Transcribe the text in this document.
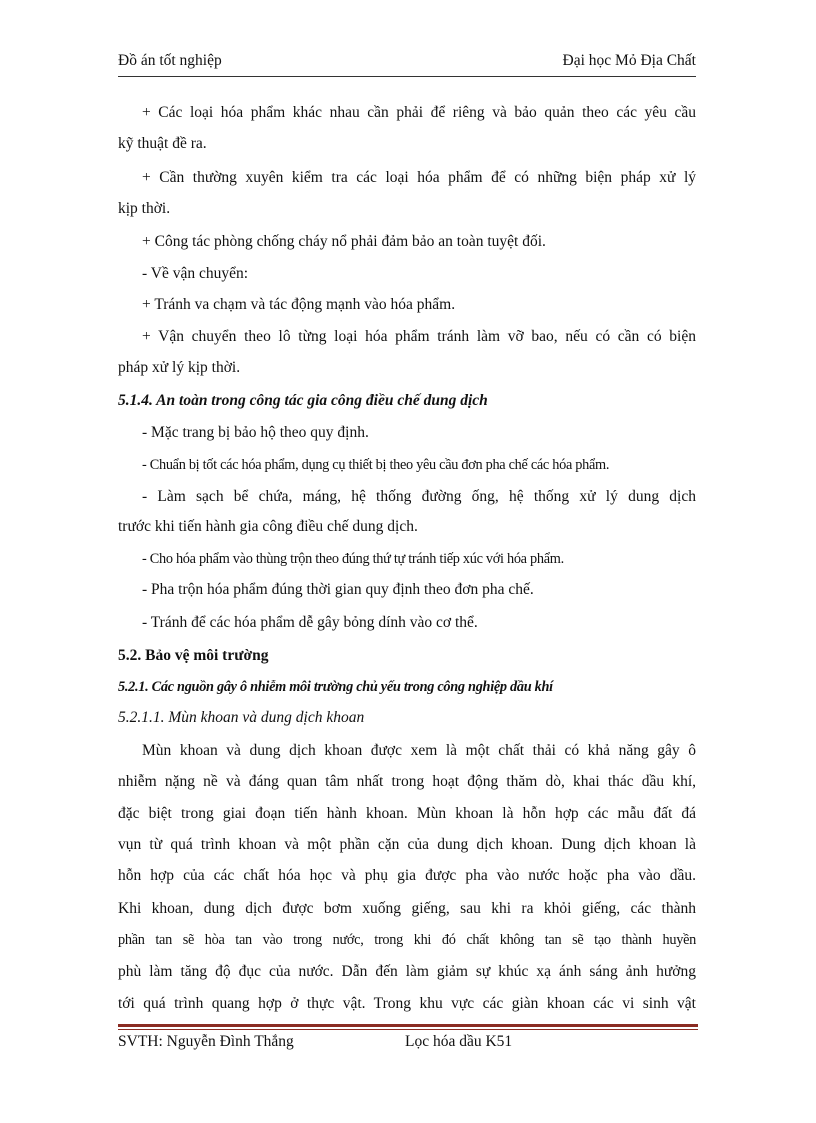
Đồ án tốt nghiệp	Đại học Mỏ Địa Chất
+ Các loại hóa phẩm khác nhau cần phải để riêng và bảo quản theo các yêu cầu
kỹ thuật đề ra.
+ Cần thường xuyên kiểm tra các loại hóa phẩm để có những biện pháp xử lý
kịp thời.
+ Công tác phòng chống cháy nổ phải đảm bảo an toàn tuyệt đối.
- Về vận chuyển:
+ Tránh va chạm và tác động mạnh vào hóa phẩm.
+ Vận chuyển theo lô từng loại hóa phẩm tránh làm vỡ bao, nếu có cần có biện
pháp xử lý kịp thời.
5.1.4. An toàn trong công tác gia công điều chế dung dịch
- Mặc trang bị bảo hộ theo quy định.
- Chuẩn bị tốt các hóa phẩm, dụng cụ thiết bị theo yêu cầu đơn pha chế các hóa phẩm.
- Làm sạch bể chứa, máng, hệ thống đường ống, hệ thống xử lý dung dịch
trước khi tiến hành gia công điều chế dung dịch.
- Cho hóa phẩm vào thùng trộn theo đúng thứ tự tránh tiếp xúc với hóa phẩm.
- Pha trộn hóa phẩm đúng thời gian quy định theo đơn pha chế.
- Tránh để các hóa phẩm dễ gây bỏng dính vào cơ thể.
5.2. Bảo vệ môi trường
5.2.1. Các nguồn gây ô nhiễm môi trường chủ yếu trong công nghiệp dầu khí
5.2.1.1. Mùn khoan và dung dịch khoan
Mùn khoan và dung dịch khoan được xem là một chất thải có khả năng gây ô
nhiễm nặng nề và đáng quan tâm nhất trong hoạt động thăm dò, khai thác dầu khí,
đặc biệt trong giai đoạn tiến hành khoan. Mùn khoan là hỗn hợp các mẫu đất đá
vụn từ quá trình khoan và một phần cặn của dung dịch khoan. Dung dịch khoan là
hỗn hợp của các chất hóa học và phụ gia được pha vào nước hoặc pha vào dầu.
Khi khoan, dung dịch được bơm xuống giếng, sau khi ra khỏi giếng, các thành
phần tan sẽ hòa tan vào trong nước, trong khi đó chất không tan sẽ tạo thành huyền
phù làm tăng độ đục của nước. Dẫn đến làm giảm sự khúc xạ ánh sáng ảnh hưởng
tới quá trình quang hợp ở thực vật. Trong khu vực các giàn khoan các vi sinh vật
SVTH: Nguyễn Đình Thắng	Lọc hóa dầu K51
